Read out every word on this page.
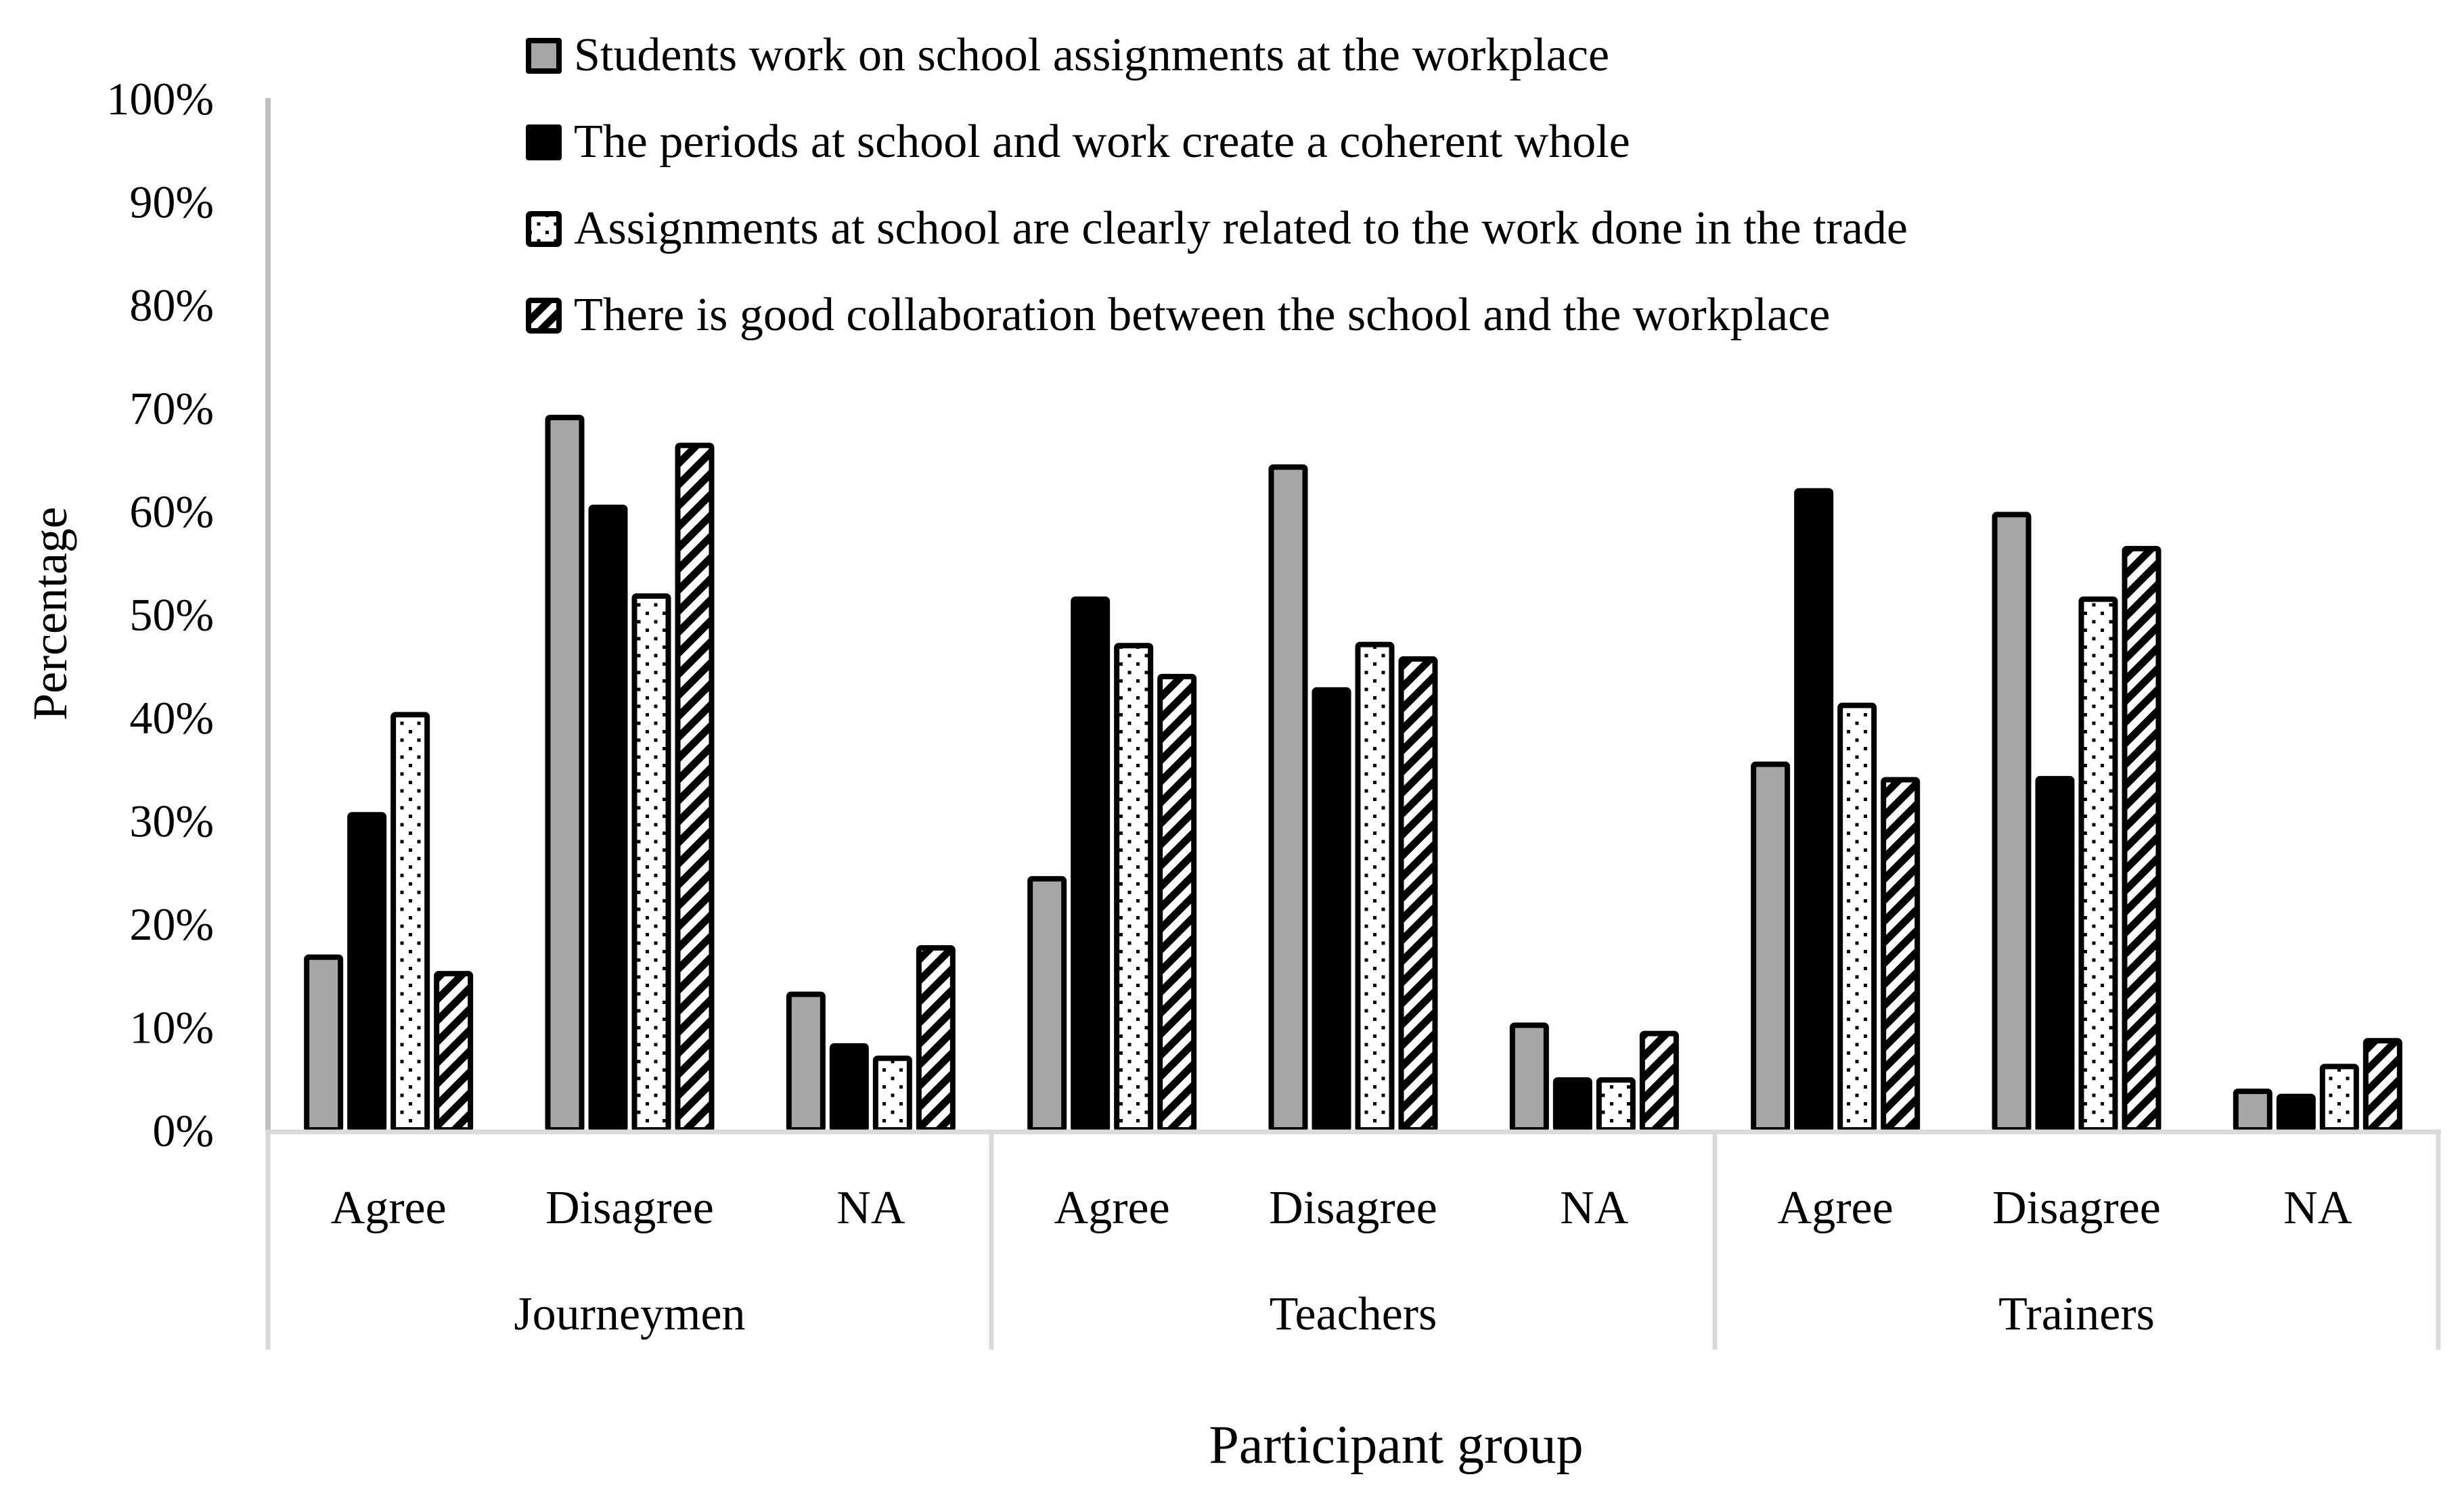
Percentage
0%
10%
20%
30%
40%
50%
60%
70%
80%
90%
100%
Agree Disagree	NA	Agree Disagree	NA	Agree Disagree	NA
Journeymen	Teachers	Trainers
Participant group
Students work on school assignments at the workplace
The periods at school and work create a coherent whole
Assignments at school are clearly related to the work done in the trade
There is good collaboration between the school and the workplace
